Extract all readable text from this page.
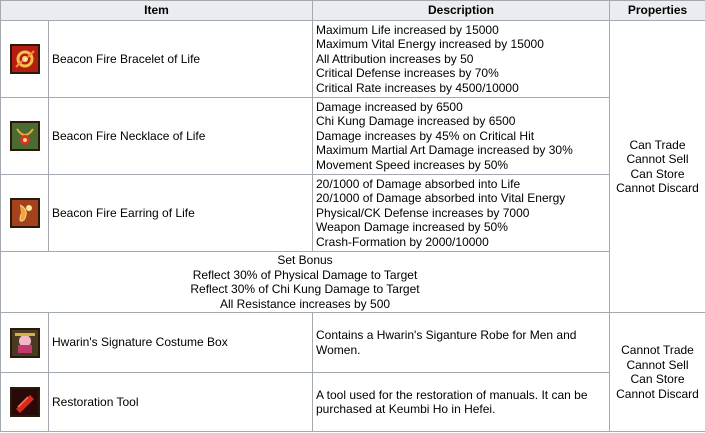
Item		Description	Properties

	Beacon Fire Bracelet of Life	Maximum Life increased by 15000
Maximum Vital Energy increased by 15000
All Attribution increases by 50
Critical Defense increases by 70%
Critical Rate increases by 4500/10000	Can Trade
Cannot Sell
Can Store
Cannot Discard

	Beacon Fire Necklace of Life	Damage increased by 6500
Chi Kung Damage increased by 6500
Damage increases by 45% on Critical Hit
Maximum Martial Art Damage increased by 30%
Movement Speed increases by 50%	

	Beacon Fire Earring of Life	20/1000 of Damage absorbed into Life
20/1000 of Damage absorbed into Vital Energy
Physical/CK Defense increases by 7000
Weapon Damage increased by 50%
Crash-Formation by 2000/10000	

Set Bonus
Reflect 30% of Physical Damage to Target
Reflect 30% of Chi Kung Damage to Target
All Resistance increases by 500			

	Hwarin's Signature Costume Box	Contains a Hwarin's Siganture Robe for Men and Women.	Cannot Trade
Cannot Sell
Can Store
Cannot Discard

	Restoration Tool	A tool used for the restoration of manuals. It can be purchased at Keumbi Ho in Hefei.	
